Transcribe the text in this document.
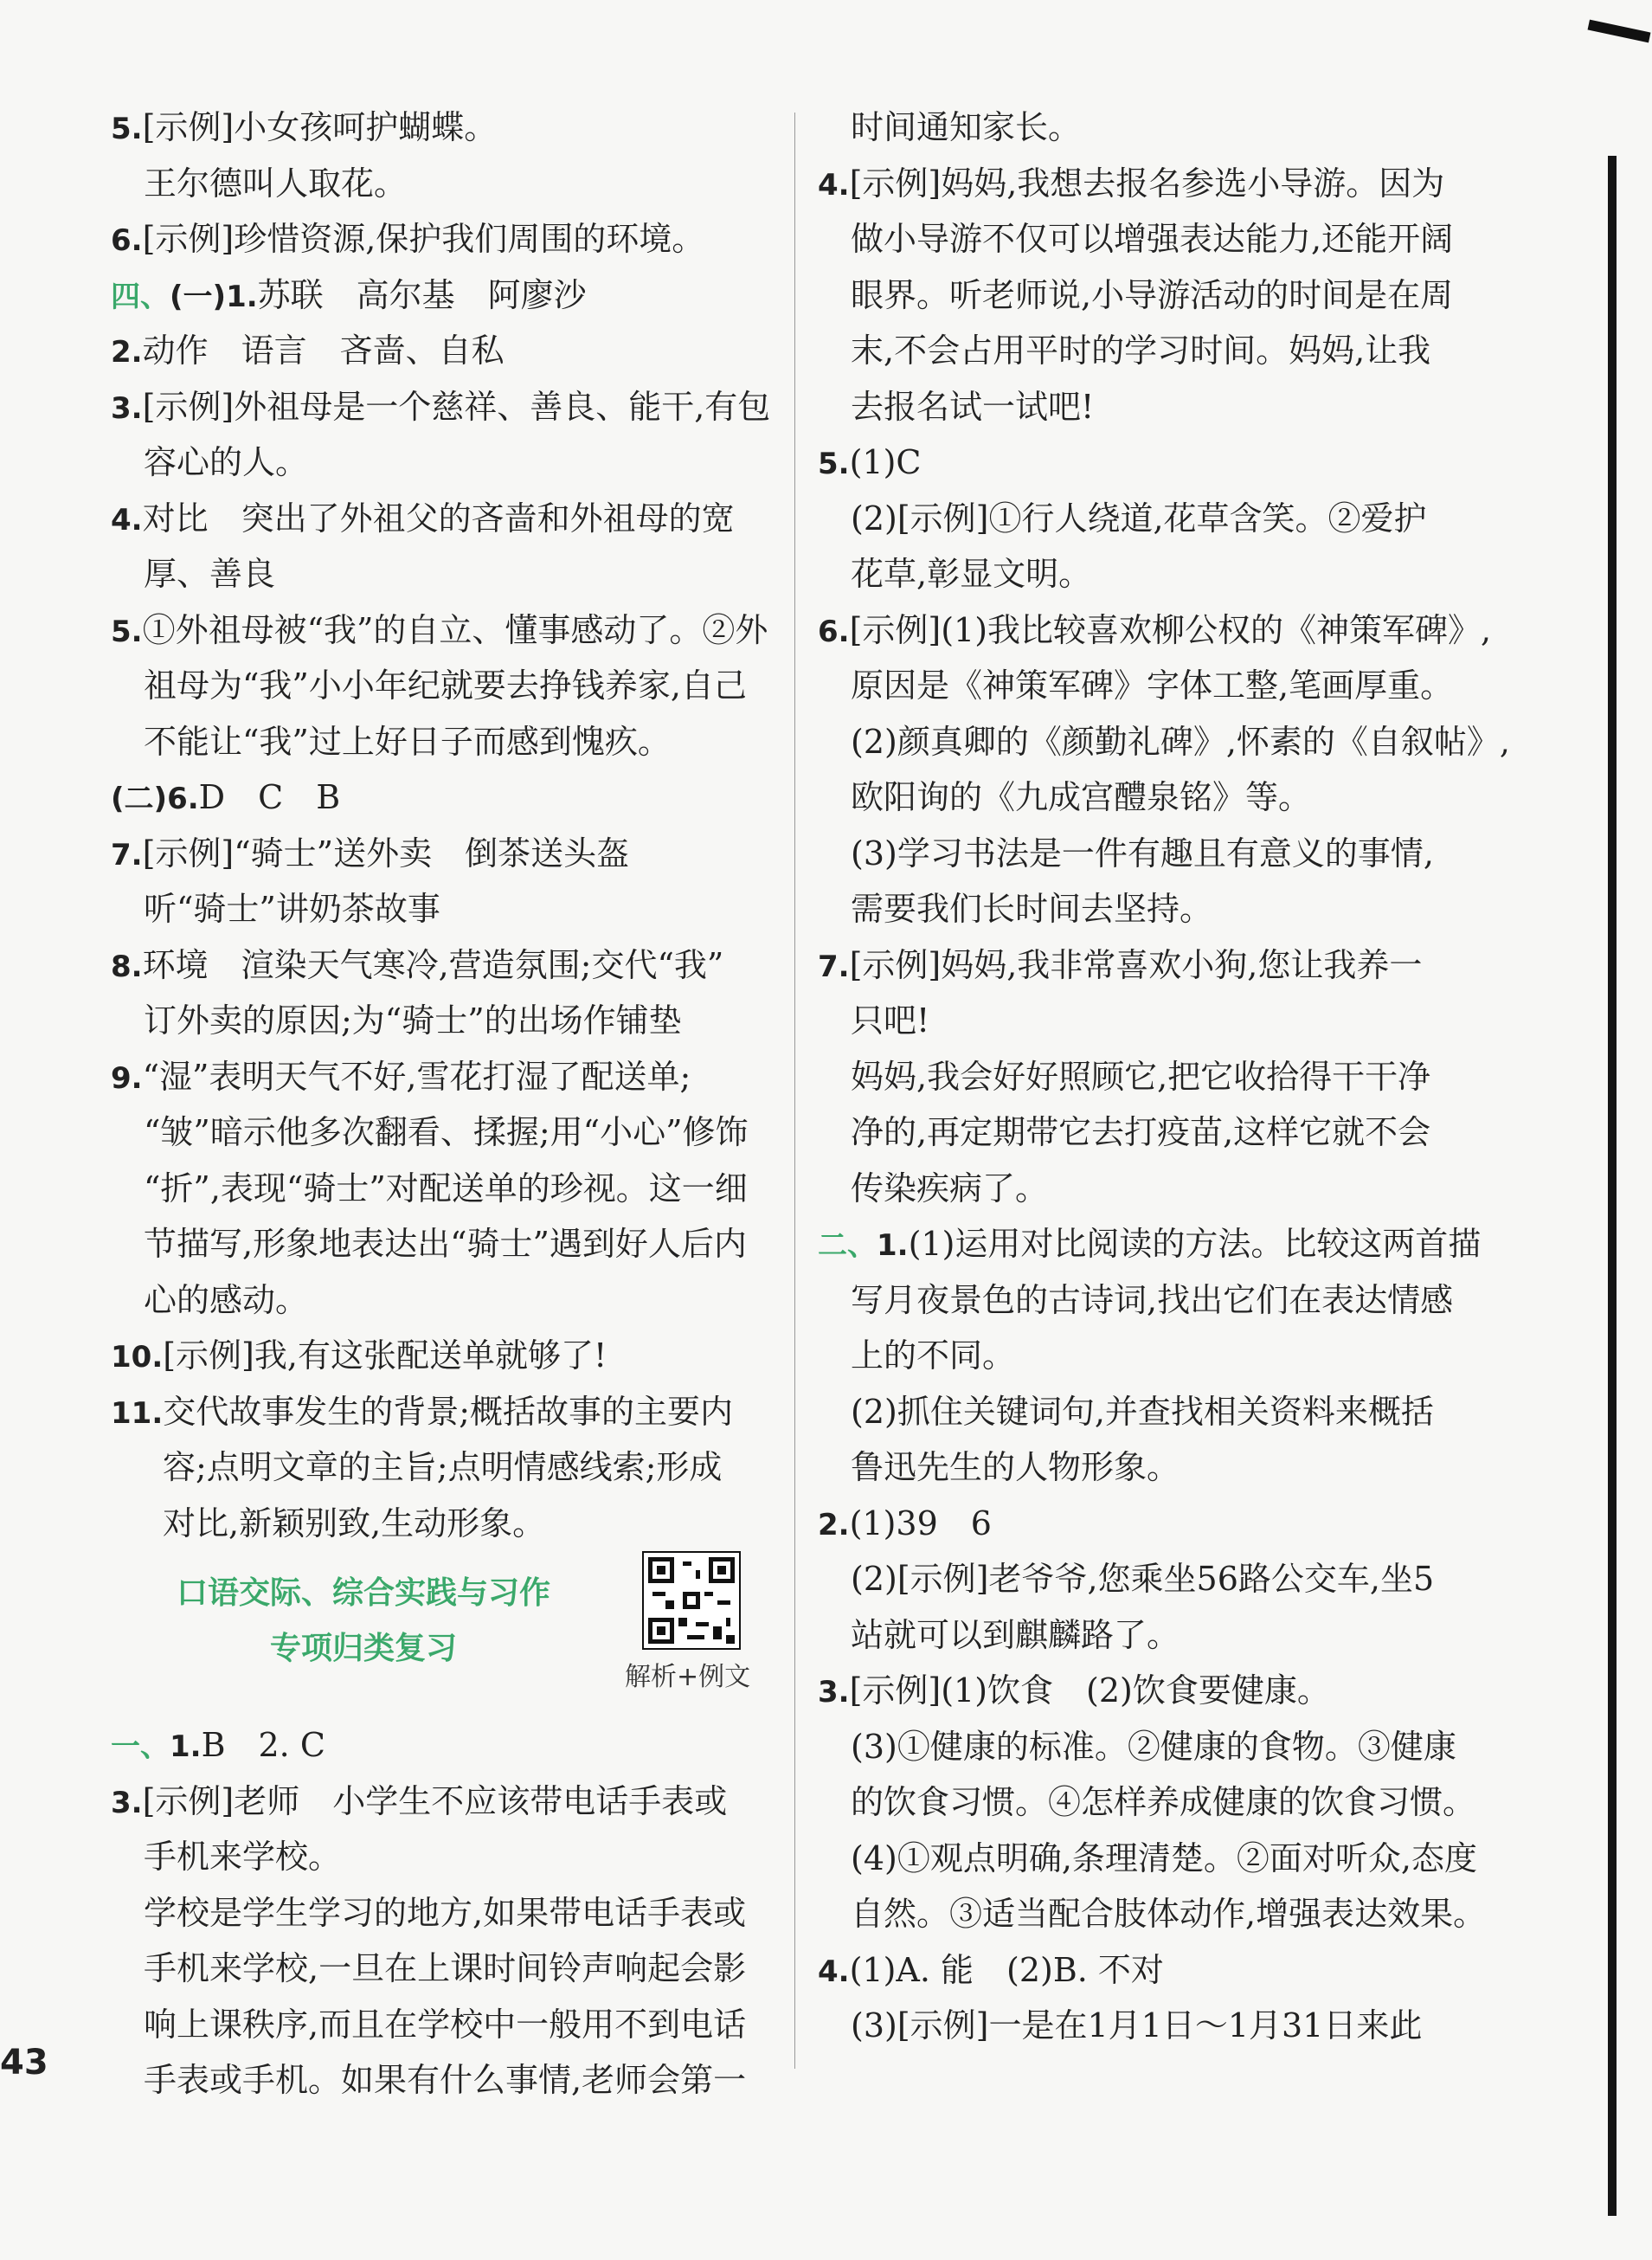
5.[示例]小女孩呵护蝴蝶。
王尔德叫人取花。
6.[示例]珍惜资源,保护我们周围的环境。
四、(一)1.苏联　高尔基　阿廖沙
2.动作　语言　吝啬、自私
3.[示例]外祖母是一个慈祥、善良、能干,有包
容心的人。
4.对比　突出了外祖父的吝啬和外祖母的宽
厚、善良
5.①外祖母被“我”的自立、懂事感动了。②外
祖母为“我”小小年纪就要去挣钱养家,自己
不能让“我”过上好日子而感到愧疚。
(二)6.D　C　B
7.[示例]“骑士”送外卖　倒茶送头盔
听“骑士”讲奶茶故事
8.环境　渲染天气寒冷,营造氛围;交代“我”
订外卖的原因;为“骑士”的出场作铺垫
9.“湿”表明天气不好,雪花打湿了配送单;
“皱”暗示他多次翻看、揉握;用“小心”修饰
“折”,表现“骑士”对配送单的珍视。这一细
节描写,形象地表达出“骑士”遇到好人后内
心的感动。
10.[示例]我,有这张配送单就够了!
11.交代故事发生的背景;概括故事的主要内
容;点明文章的主旨;点明情感线索;形成
对比,新颖别致,生动形象。
一、1.B　2. C
3.[示例]老师　小学生不应该带电话手表或
手机来学校。
学校是学生学习的地方,如果带电话手表或
手机来学校,一旦在上课时间铃声响起会影
响上课秩序,而且在学校中一般用不到电话
手表或手机。如果有什么事情,老师会第一
口语交际、综合实践与习作
专项归类复习
解析+例文
时间通知家长。
4.[示例]妈妈,我想去报名参选小导游。因为
做小导游不仅可以增强表达能力,还能开阔
眼界。听老师说,小导游活动的时间是在周
末,不会占用平时的学习时间。妈妈,让我
去报名试一试吧!
5.(1)C
(2)[示例]①行人绕道,花草含笑。②爱护
花草,彰显文明。
6.[示例](1)我比较喜欢柳公权的《神策军碑》,
原因是《神策军碑》字体工整,笔画厚重。
(2)颜真卿的《颜勤礼碑》,怀素的《自叙帖》,
欧阳询的《九成宫醴泉铭》等。
(3)学习书法是一件有趣且有意义的事情,
需要我们长时间去坚持。
7.[示例]妈妈,我非常喜欢小狗,您让我养一
只吧!
妈妈,我会好好照顾它,把它收拾得干干净
净的,再定期带它去打疫苗,这样它就不会
传染疾病了。
二、1.(1)运用对比阅读的方法。比较这两首描
写月夜景色的古诗词,找出它们在表达情感
上的不同。
(2)抓住关键词句,并查找相关资料来概括
鲁迅先生的人物形象。
2.(1)39　6
(2)[示例]老爷爷,您乘坐56路公交车,坐5
站就可以到麒麟路了。
3.[示例](1)饮食　(2)饮食要健康。
(3)①健康的标准。②健康的食物。③健康
的饮食习惯。④怎样养成健康的饮食习惯。
(4)①观点明确,条理清楚。②面对听众,态度
自然。③适当配合肢体动作,增强表达效果。
4.(1)A. 能　(2)B. 不对
(3)[示例]一是在1月1日～1月31日来此
43
